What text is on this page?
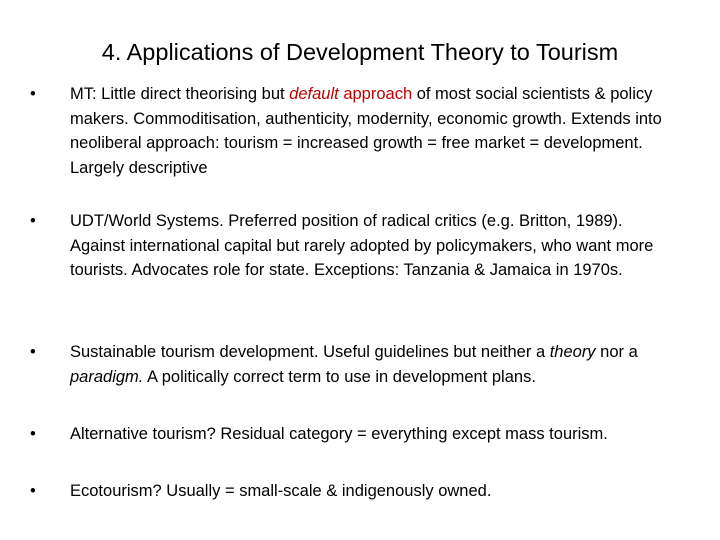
4. Applications of Development Theory to Tourism
•	MT: Little direct theorising but default approach of most social scientists & policy makers. Commoditisation, authenticity, modernity, economic growth. Extends into neoliberal approach: tourism = increased growth = free market = development. Largely descriptive
•	UDT/World Systems. Preferred position of radical critics (e.g. Britton, 1989). Against international capital but rarely adopted by policymakers, who want more tourists. Advocates role for state. Exceptions: Tanzania & Jamaica in 1970s.
•	Sustainable tourism development. Useful guidelines but neither a theory nor a paradigm. A politically correct term to use in development plans.
•	Alternative tourism? Residual category = everything except mass tourism.
•	Ecotourism? Usually = small-scale & indigenously owned.
